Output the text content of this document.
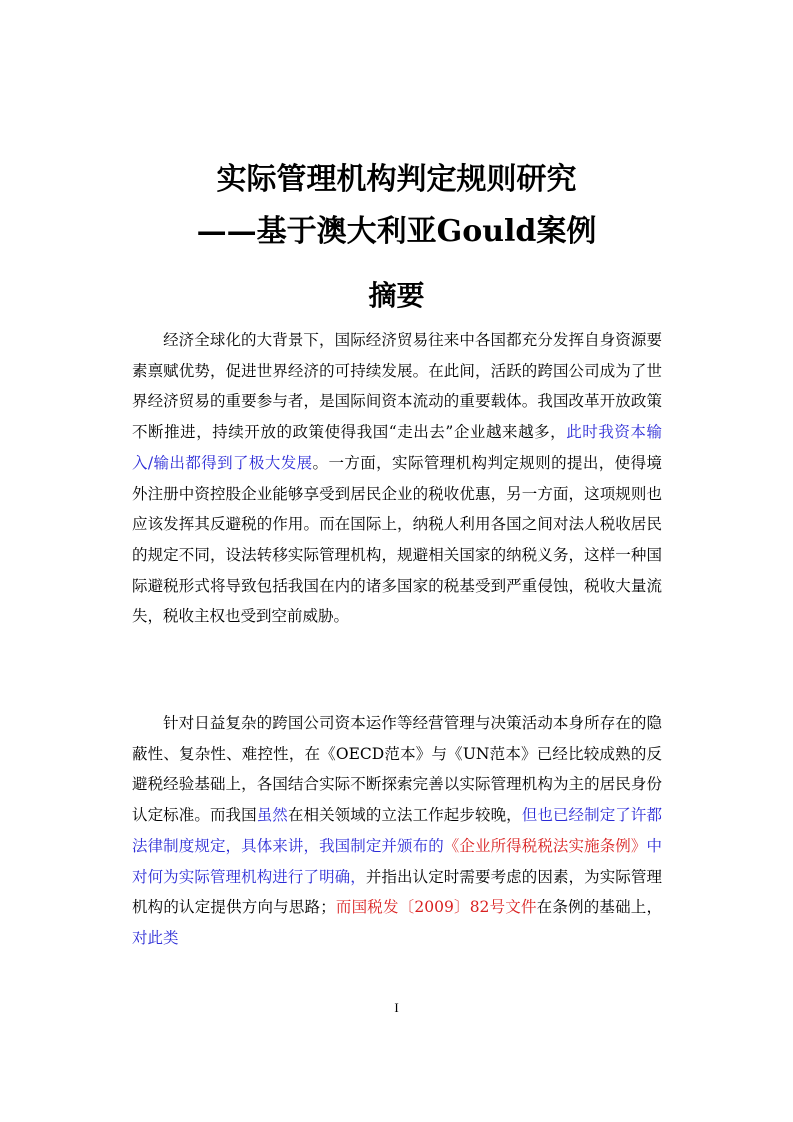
实际管理机构判定规则研究
——基于澳大利亚Gould案例
摘要

经济全球化的大背景下，国际经济贸易往来中各国都充分发挥自身资源要素禀赋优势，促进世界经济的可持续发展。在此间，活跃的跨国公司成为了世界经济贸易的重要参与者，是国际间资本流动的重要载体。我国改革开放政策不断推进，持续开放的政策使得我国“走出去”企业越来越多，此时我资本输入/输出都得到了极大发展。一方面，实际管理机构判定规则的提出，使得境外注册中资控股企业能够享受到居民企业的税收优惠，另一方面，这项规则也应该发挥其反避税的作用。而在国际上，纳税人利用各国之间对法人税收居民的规定不同，设法转移实际管理机构，规避相关国家的纳税义务，这样一种国际避税形式将导致包括我国在内的诸多国家的税基受到严重侵蚀，税收大量流失，税收主权也受到空前威胁。

针对日益复杂的跨国公司资本运作等经营管理与决策活动本身所存在的隐蔽性、复杂性、难控性，在《OECD范本》与《UN范本》已经比较成熟的反避税经验基础上，各国结合实际不断探索完善以实际管理机构为主的居民身份认定标准。而我国虽然在相关领域的立法工作起步较晚，但也已经制定了许都法律制度规定，具体来讲，我国制定并颁布的《企业所得税税法实施条例》中对何为实际管理机构进行了明确，并指出认定时需要考虑的因素，为实际管理机构的认定提供方向与思路；而国税发〔2009〕82号文件在条例的基础上，对此类

I
